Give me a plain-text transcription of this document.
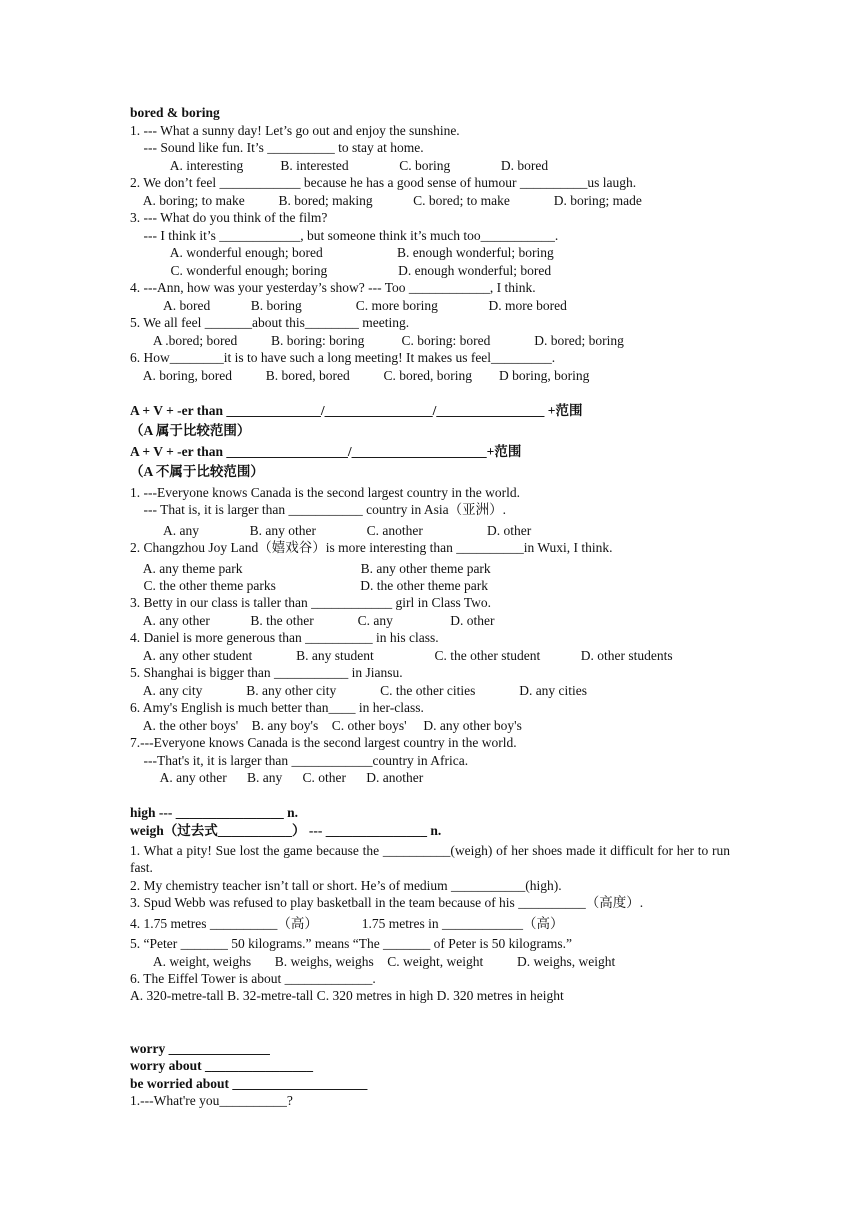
bored & boring
1. --- What a sunny day! Let’s go out and enjoy the sunshine.
--- Sound like fun. It’s __________ to stay at home.
A. interesting           B. interested               C. boring               D. bored
2. We don’t feel ____________ because he has a good sense of humour __________us laugh.
A. boring; to make          B. bored; making            C. bored; to make             D. boring; made
3. --- What do you think of the film?
--- I think it’s ____________, but someone think it’s much too___________.
A. wonderful enough; bored                      B. enough wonderful; boring
C. wonderful enough; boring                     D. enough wonderful; bored
4. ---Ann, how was your yesterday’s show? --- Too ____________, I think.
A. bored            B. boring                C. more boring               D. more bored
5. We all feel _______about this________ meeting.
A .bored; bored          B. boring: boring           C. boring: bored             D. bored; boring
6. How________it is to have such a long meeting! It makes us feel_________.
A. boring, bored          B. bored, bored          C. bored, boring        D boring, boring
A + V + -er than ______________/________________/________________ +范围
（A 属于比较范围）
A + V + -er than __________________/____________________+范围
（A 不属于比较范围）
1. ---Everyone knows Canada is the second largest country in the world.
--- That is, it is larger than ___________ country in Asia（亚洲）.
A. any               B. any other               C. another                   D. other
2. Changzhou Joy Land（嬉戏谷）is more interesting than __________in Wuxi, I think.
A. any theme park                                   B. any other theme park
C. the other theme parks                         D. the other theme park
3. Betty in our class is taller than ____________ girl in Class Two.
A. any other            B. the other             C. any                 D. other
4. Daniel is more generous than __________ in his class.
A. any other student             B. any student                  C. the other student            D. other students
5. Shanghai is bigger than ___________ in Jiansu.
A. any city             B. any other city             C. the other cities             D. any cities
6. Amy's English is much better than____ in her-class.
A. the other boys'    B. any boy's    C. other boys'     D. any other boy's
7.---Everyone knows Canada is the second largest country in the world.
---That's it, it is larger than ____________country in Africa.
A. any other      B. any      C. other      D. another
high --- ________________ n.
weigh（过去式___________） --- _______________ n.
1. What a pity! Sue lost the game because the __________(weigh) of her shoes made it difficult for her to run fast.
2. My chemistry teacher isn’t tall or short. He’s of medium ___________(high).
3. Spud Webb was refused to play basketball in the team because of his __________（高度）.
4. 1.75 metres __________（高）             1.75 metres in ____________（高）
5. “Peter _______ 50 kilograms.” means “The _______ of Peter is 50 kilograms.”
A. weight, weighs       B. weighs, weighs    C. weight, weight          D. weighs, weight
6. The Eiffel Tower is about _____________.
A. 320-metre-tall B. 32-metre-tall C. 320 metres in high D. 320 metres in height
worry _______________
worry about ________________
be worried about ____________________
1.---What're you__________?
